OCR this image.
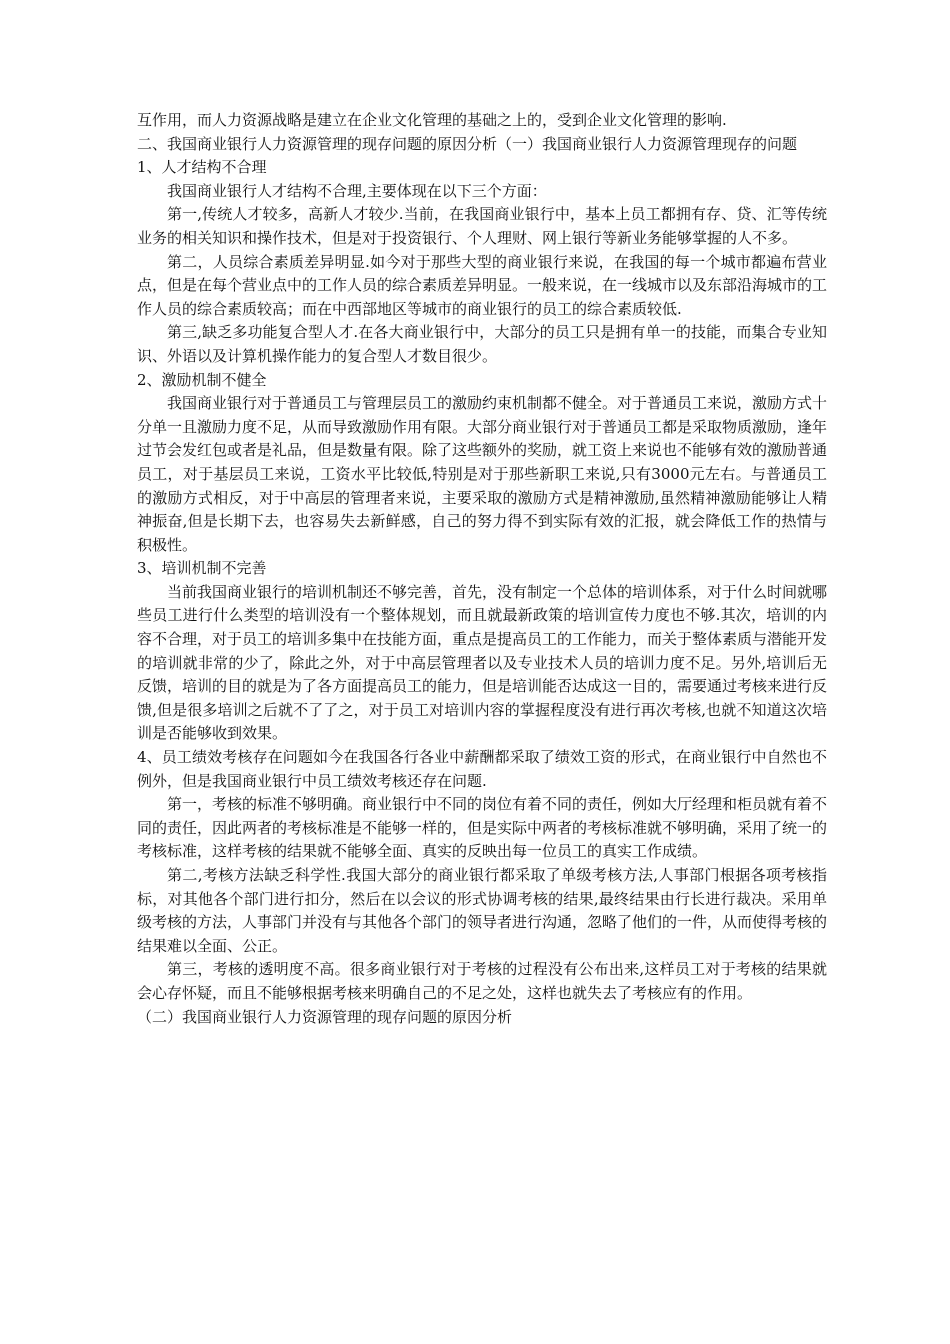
互作用，而人力资源战略是建立在企业文化管理的基础之上的，受到企业文化管理的影响.

二、我国商业银行人力资源管理的现存问题的原因分析（一）我国商业银行人力资源管理现存的问题

1、人才结构不合理

我国商业银行人才结构不合理,主要体现在以下三个方面：

第一,传统人才较多，高新人才较少.当前，在我国商业银行中，基本上员工都拥有存、贷、汇等传统业务的相关知识和操作技术，但是对于投资银行、个人理财、网上银行等新业务能够掌握的人不多。

第二，人员综合素质差异明显.如今对于那些大型的商业银行来说，在我国的每一个城市都遍布营业点，但是在每个营业点中的工作人员的综合素质差异明显。一般来说，在一线城市以及东部沿海城市的工作人员的综合素质较高；而在中西部地区等城市的商业银行的员工的综合素质较低.

第三,缺乏多功能复合型人才.在各大商业银行中，大部分的员工只是拥有单一的技能，而集合专业知识、外语以及计算机操作能力的复合型人才数目很少。

2、激励机制不健全

我国商业银行对于普通员工与管理层员工的激励约束机制都不健全。对于普通员工来说，激励方式十分单一且激励力度不足，从而导致激励作用有限。大部分商业银行对于普通员工都是采取物质激励，逢年过节会发红包或者是礼品，但是数量有限。除了这些额外的奖励，就工资上来说也不能够有效的激励普通员工，对于基层员工来说，工资水平比较低,特别是对于那些新职工来说,只有3000元左右。与普通员工的激励方式相反，对于中高层的管理者来说，主要采取的激励方式是精神激励,虽然精神激励能够让人精神振奋,但是长期下去，也容易失去新鲜感，自己的努力得不到实际有效的汇报，就会降低工作的热情与积极性。

3、培训机制不完善

当前我国商业银行的培训机制还不够完善，首先，没有制定一个总体的培训体系，对于什么时间就哪些员工进行什么类型的培训没有一个整体规划，而且就最新政策的培训宣传力度也不够.其次，培训的内容不合理，对于员工的培训多集中在技能方面，重点是提高员工的工作能力，而关于整体素质与潜能开发的培训就非常的少了，除此之外，对于中高层管理者以及专业技术人员的培训力度不足。另外,培训后无反馈，培训的目的就是为了各方面提高员工的能力，但是培训能否达成这一目的，需要通过考核来进行反馈,但是很多培训之后就不了了之，对于员工对培训内容的掌握程度没有进行再次考核,也就不知道这次培训是否能够收到效果。

4、员工绩效考核存在问题如今在我国各行各业中薪酬都采取了绩效工资的形式，在商业银行中自然也不例外，但是我国商业银行中员工绩效考核还存在问题.

第一，考核的标准不够明确。商业银行中不同的岗位有着不同的责任，例如大厅经理和柜员就有着不同的责任，因此两者的考核标准是不能够一样的，但是实际中两者的考核标准就不够明确，采用了统一的考核标准，这样考核的结果就不能够全面、真实的反映出每一位员工的真实工作成绩。

第二,考核方法缺乏科学性.我国大部分的商业银行都采取了单级考核方法,人事部门根据各项考核指标，对其他各个部门进行扣分，然后在以会议的形式协调考核的结果,最终结果由行长进行裁决。采用单级考核的方法，人事部门并没有与其他各个部门的领导者进行沟通，忽略了他们的一件，从而使得考核的结果难以全面、公正。

第三，考核的透明度不高。很多商业银行对于考核的过程没有公布出来,这样员工对于考核的结果就会心存怀疑，而且不能够根据考核来明确自己的不足之处，这样也就失去了考核应有的作用。

（二）我国商业银行人力资源管理的现存问题的原因分析
